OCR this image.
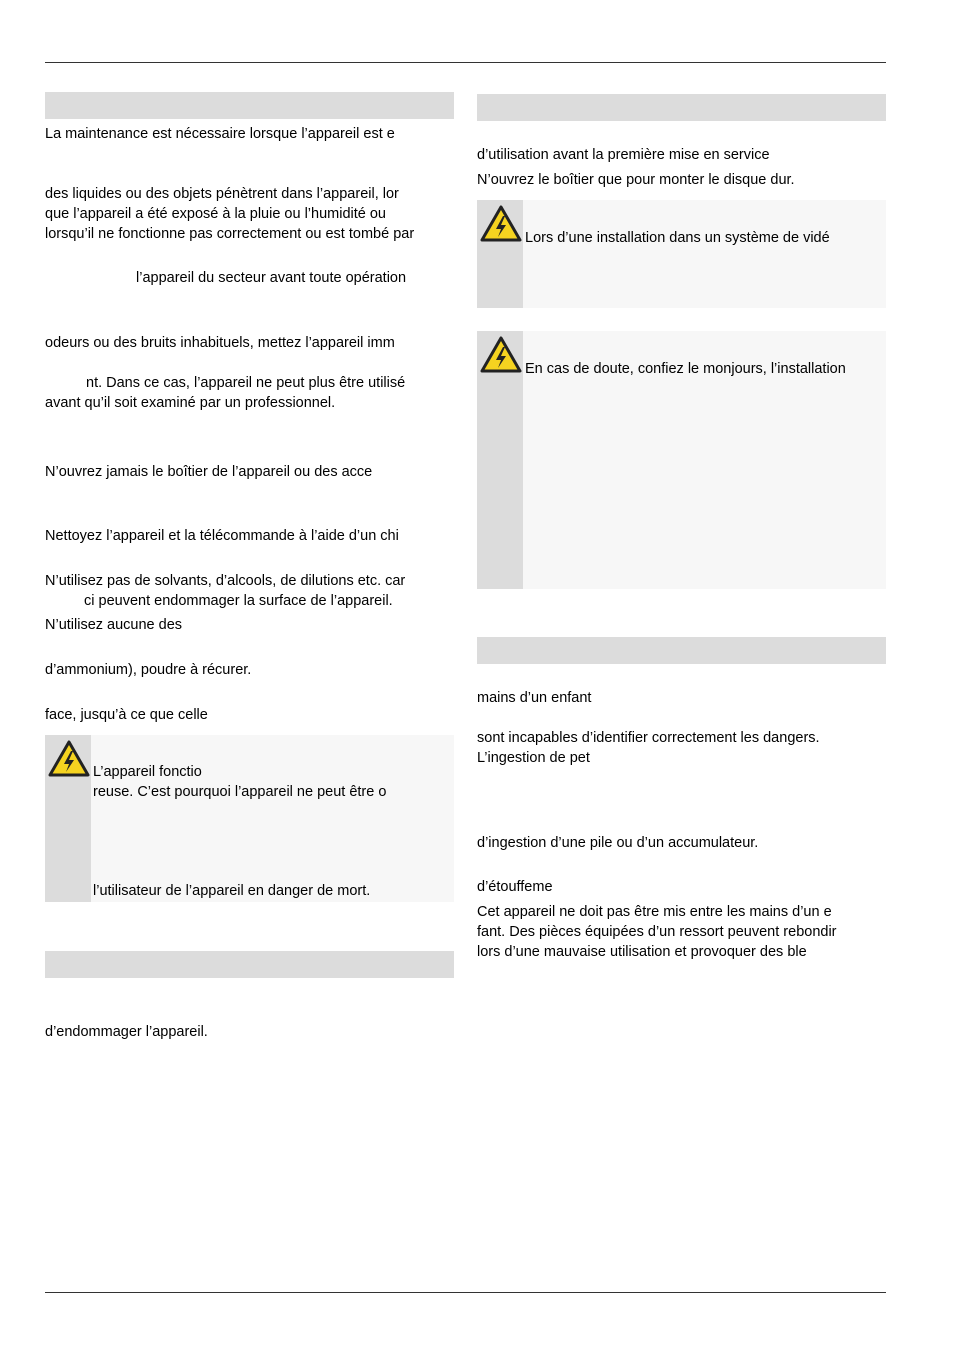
La maintenance est nécessaire lorsque l’appareil est e
des liquides ou des objets pénètrent dans l’appareil, lor
que l’appareil a été exposé à la pluie ou l’humidité ou
lorsqu’il ne fonctionne pas correctement ou est tombé par
l’appareil du secteur avant toute opération
odeurs ou des bruits inhabituels, mettez l’appareil imm
nt. Dans ce cas, l’appareil ne peut plus être utilisé
avant qu’il soit examiné par un professionnel.
N’ouvrez jamais le boîtier de l’appareil ou des acce
Nettoyez l’appareil et la télécommande à l’aide d’un chi
N’utilisez pas de solvants, d’alcools, de dilutions etc. car
ci peuvent endommager la surface de l’appareil.
N’utilisez aucune des
d’ammonium), poudre à récurer.
face, jusqu’à ce que celle
L’appareil fonctio
reuse. C’est pourquoi l’appareil ne peut être o
l’utilisateur de l’appareil en danger de mort.
d’endommager l’appareil.
d’utilisation avant la première mise en service
N’ouvrez le boîtier que pour monter le disque dur.
Lors d’une installation dans un système de vidé
En cas de doute, confiez le monjours, l’installation
mains d’un enfant
sont incapables d’identifier correctement les dangers.
L’ingestion de pet
d’ingestion d’une pile ou d’un accumulateur.
d’étouffeme
Cet appareil ne doit pas être mis entre les mains d’un e
fant. Des pièces équipées d’un ressort peuvent rebondir
lors d’une mauvaise utilisation et provoquer des ble
